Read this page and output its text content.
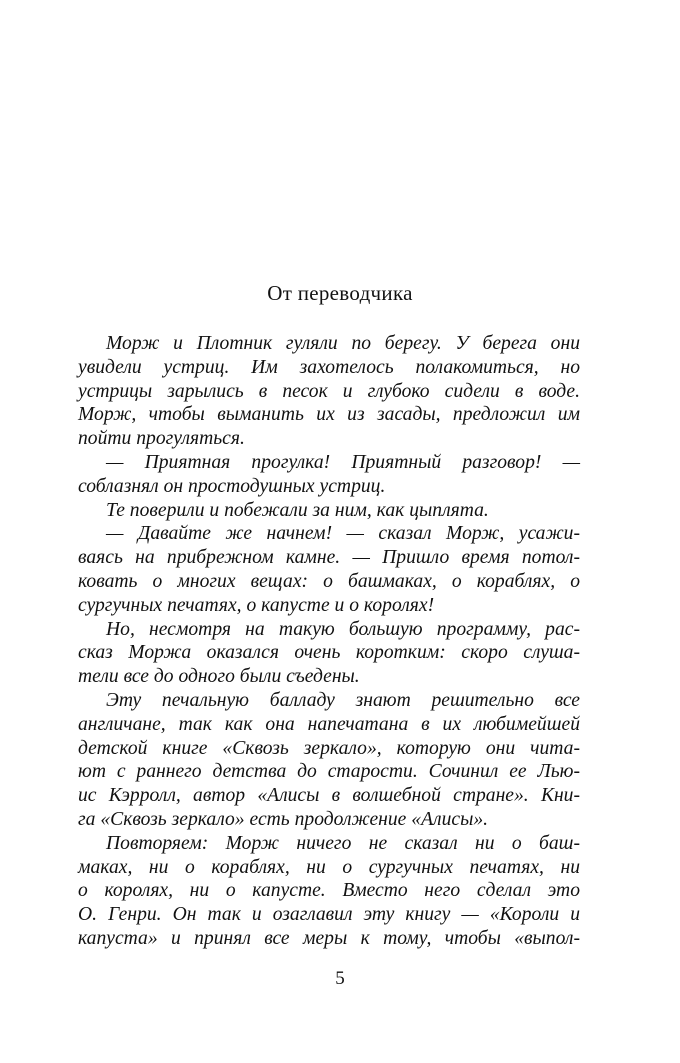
От переводчика
Морж и Плотник гуляли по берегу. У берега они
увидели устриц. Им захотелось полакомиться, но
устрицы зарылись в песок и глубоко сидели в воде.
Морж, чтобы выманить их из засады, предложил им
пойти прогуляться.
— Приятная прогулка! Приятный разговор! —
соблазнял он простодушных устриц.
Те поверили и побежали за ним, как цыплята.
— Давайте же начнем! — сказал Морж, усажи-
ваясь на прибрежном камне. — Пришло время потол-
ковать о многих вещах: о башмаках, о кораблях, о
сургучных печатях, о капусте и о королях!
Но, несмотря на такую большую программу, рас-
сказ Моржа оказался очень коротким: скоро слуша-
тели все до одного были съедены.
Эту печальную балладу знают решительно все
англичане, так как она напечатана в их любимейшей
детской книге «Сквозь зеркало», которую они чита-
ют с раннего детства до старости. Сочинил ее Лью-
ис Кэрролл, автор «Алисы в волшебной стране». Кни-
га «Сквозь зеркало» есть продолжение «Алисы».
Повторяем: Морж ничего не сказал ни о баш-
маках, ни о кораблях, ни о сургучных печатях, ни
о королях, ни о капусте. Вместо него сделал это
О. Генри. Он так и озаглавил эту книгу — «Короли и
капуста» и принял все меры к тому, чтобы «выпол-
5
